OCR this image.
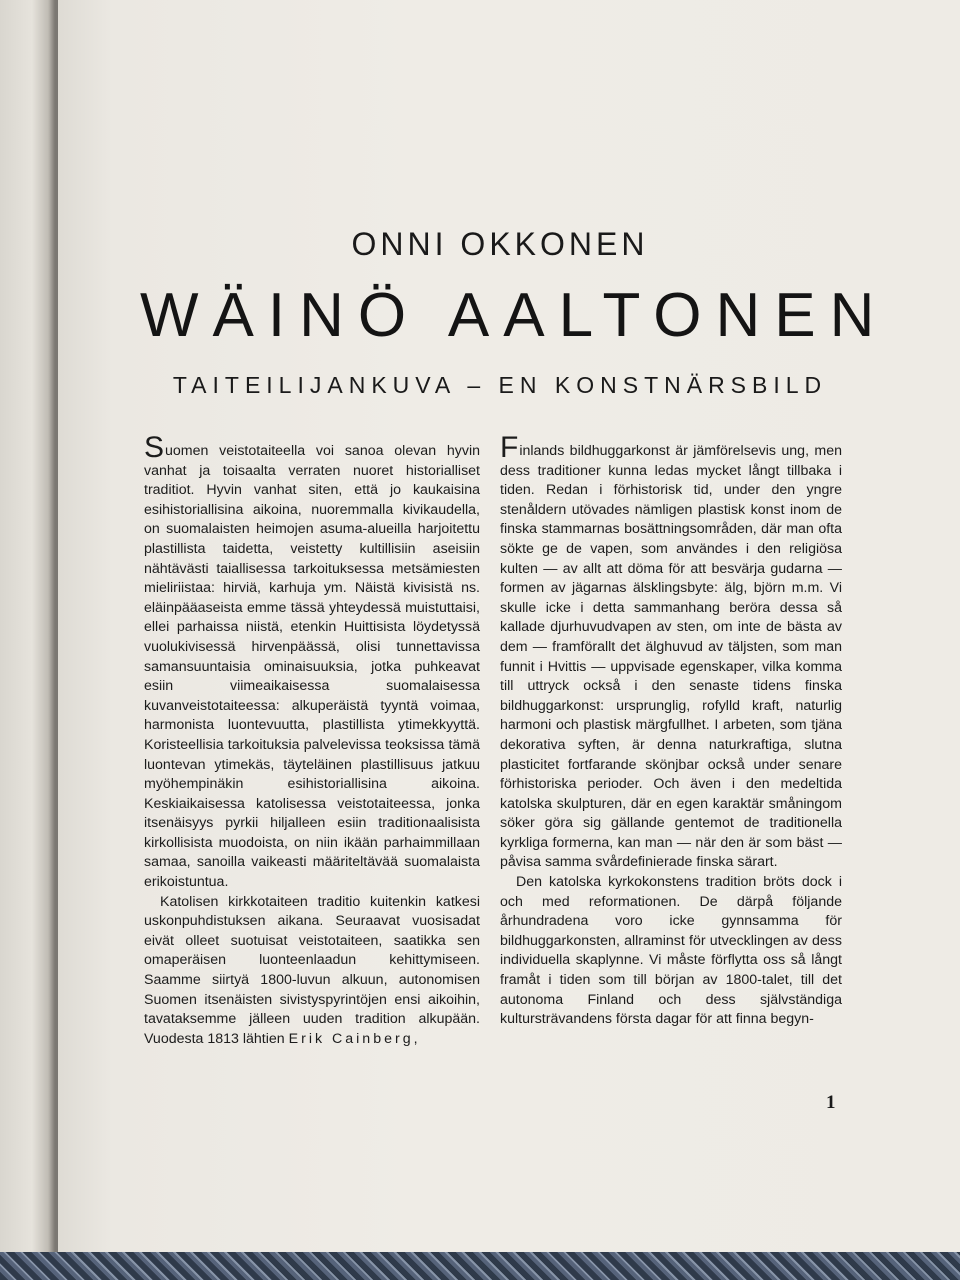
ONNI OKKONEN
WÄINÖ AALTONEN
TAITEILIJANKUVA – EN KONSTNÄRSBILD

Suomen veistotaiteella voi sanoa olevan hyvin vanhat ja toisaalta verraten nuoret historialliset traditiot. Hyvin vanhat siten, että jo kaukaisina esihistoriallisina aikoina, nuoremmalla kivikaudella, on suomalaisten heimojen asuma-alueilla harjoitettu plastillista taidetta, veistetty kultillisiin aseisiin nähtävästi taiallisessa tarkoituksessa metsämiesten mieliriistaa: hirviä, karhuja ym. Näistä kivisistä ns. eläinpääaseista emme tässä yhteydessä muistuttaisi, ellei parhaissa niistä, etenkin Huittisista löydetyssä vuolukivisessä hirvenpäässä, olisi tunnettavissa samansuuntaisia ominaisuuksia, jotka puhkeavat esiin viimeaikaisessa suomalaisessa kuvanveistotaiteessa: alkuperäistä tyyntä voimaa, harmonista luontevuutta, plastillista ytimekkyyttä. Koristeellisia tarkoituksia palvelevissa teoksissa tämä luontevan ytimekäs, täyteläinen plastillisuus jatkuu myöhempinäkin esihistoriallisina aikoina. Keskiaikaisessa katolisessa veistotaiteessa, jonka itsenäisyys pyrkii hiljalleen esiin traditionaalisista kirkollisista muodoista, on niin ikään parhaimmillaan samaa, sanoilla vaikeasti määriteltävää suomalaista erikoistuntua.

Katolisen kirkkotaiteen traditio kuitenkin katkesi uskonpuhdistuksen aikana. Seuraavat vuosisadat eivät olleet suotuisat veistotaiteen, saatikka sen omaperäisen luonteenlaadun kehittymiseen. Saamme siirtyä 1800-luvun alkuun, autonomisen Suomen itsenäisten sivistyspyrintöjen ensi aikoihin, tavataksemme jälleen uuden tradition alkupään. Vuodesta 1813 lähtien Erik Cainberg,

Finlands bildhuggarkonst är jämförelsevis ung, men dess traditioner kunna ledas mycket långt tillbaka i tiden. Redan i förhistorisk tid, under den yngre stenåldern utövades nämligen plastisk konst inom de finska stammarnas bosättningsområden, där man ofta sökte ge de vapen, som användes i den religiösa kulten — av allt att döma för att besvärja gudarna — formen av jägarnas älsklingsbyte: älg, björn m.m. Vi skulle icke i detta sammanhang beröra dessa så kallade djurhuvudvapen av sten, om inte de bästa av dem — framförallt det älghuvud av täljsten, som man funnit i Hvittis — uppvisade egenskaper, vilka komma till uttryck också i den senaste tidens finska bildhuggarkonst: ursprunglig, rofylld kraft, naturlig harmoni och plastisk märgfullhet. I arbeten, som tjäna dekorativa syften, är denna naturkraftiga, slutna plasticitet fortfarande skönjbar också under senare förhistoriska perioder. Och även i den medeltida katolska skulpturen, där en egen karaktär småningom söker göra sig gällande gentemot de traditionella kyrkliga formerna, kan man — när den är som bäst — påvisa samma svårdefinierade finska särart.

Den katolska kyrkokonstens tradition bröts dock i och med reformationen. De därpå följande århundradena voro icke gynnsamma för bildhuggarkonsten, allraminst för utvecklingen av dess individuella skaplynne. Vi måste förflytta oss så långt framåt i tiden som till början av 1800-talet, till det autonoma Finland och dess självständiga kultursträvandens första dagar för att finna begyn-

1
